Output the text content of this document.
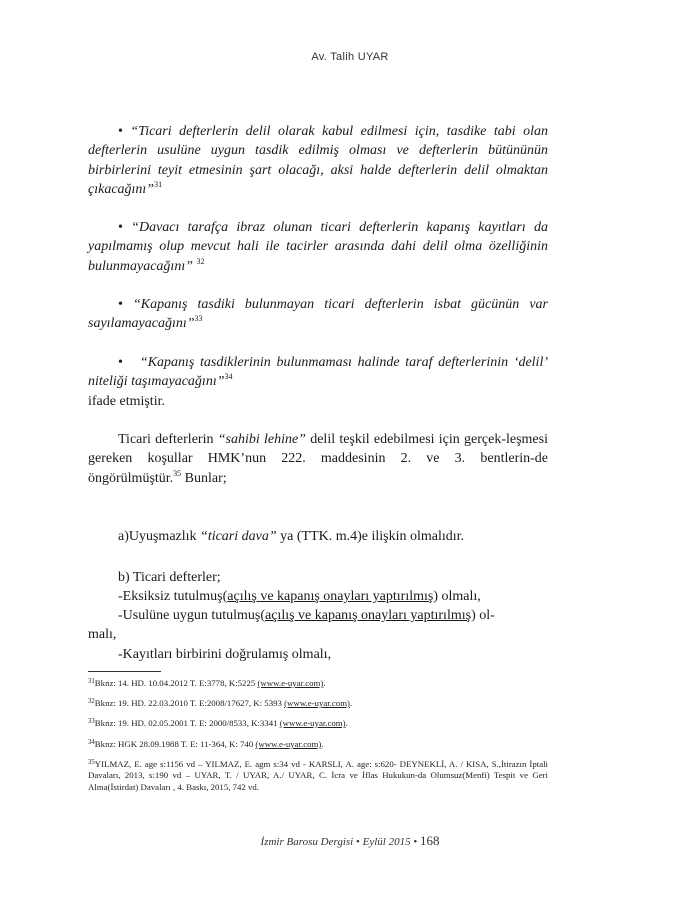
Av. Talih UYAR
• “Ticari defterlerin delil olarak kabul edilmesi için, tasdike tabi olan defterlerin usulüne uygun tasdik edilmiş olması ve defterlerin bütününün birbirlerini teyit etmesinin şart olacağı, aksi halde defterlerin delil olmaktan çıkacağını”$^{31}$
• “Davacı tarafça ibraz olunan ticari defterlerin kapanış kayıtları da yapılmamış olup mevcut hali ile tacirler arasında dahi delil olma özelliğinin bulunmayacağını” $^{32}$
• “Kapanış tasdiki bulunmayan ticari defterlerin isbat gücünün var sayılamayacağını”$^{33}$
• “Kapanış tasdiklerinin bulunmaması halinde taraf defterlerinin ‘delil’ niteliği taşımayacağını”$^{34}$
ifade etmiştir.
Ticari defterlerin “sahibi lehine” delil teşkil edebilmesi için gerçek-leşmesi gereken koşullar HMK’nun 222. maddesinin 2. ve 3. bentlerin-de öngörülmüştür.$^{35}$ Bunlar;
a)Uyuşmazlık “ticari dava” ya (TTK. m.4)e ilişkin olmalıdır.
b) Ticari defterler;
-Eksiksiz tutulmuş(açılış ve kapanış onayları yaptırılmış) olmalı,
-Usulüne uygun tutulmuş(açılış ve kapanış onayları yaptırılmış) ol-
malı,
-Kayıtları birbirini doğrulamış olmalı,
$^{31}$Bknz: 14. HD. 10.04.2012 T. E:3778, K:5225 (www.e-uyar.com).
$^{32}$Bknz: 19. HD. 22.03.2010 T. E:2008/17627, K: 5393 (www.e-uyar.com).
$^{33}$Bknz: 19. HD. 02.05.2001 T. E: 2000/8533, K:3341 (www.e-uyar.com).
$^{34}$Bknz: HGK 28.09.1988 T. E: 11-364, K: 740 (www.e-uyar.com).
$^{35}$YILMAZ, E. age s:1156 vd – YILMAZ, E. agm s:34 vd - KARSLI, A. age: s:620- DEYNEKLİ, A. / KISA, S.,İtirazın İptali Davaları, 2013, s:190 vd – UYAR, T. / UYAR, A./ UYAR, C. İcra ve İflas Hukukun-da Olumsuz(Menfi) Tespit ve Geri Alma(İstirdat) Davaları , 4. Baskı, 2015, 742 vd.
İzmir Barosu Dergisi • Eylül 2015 • 168
